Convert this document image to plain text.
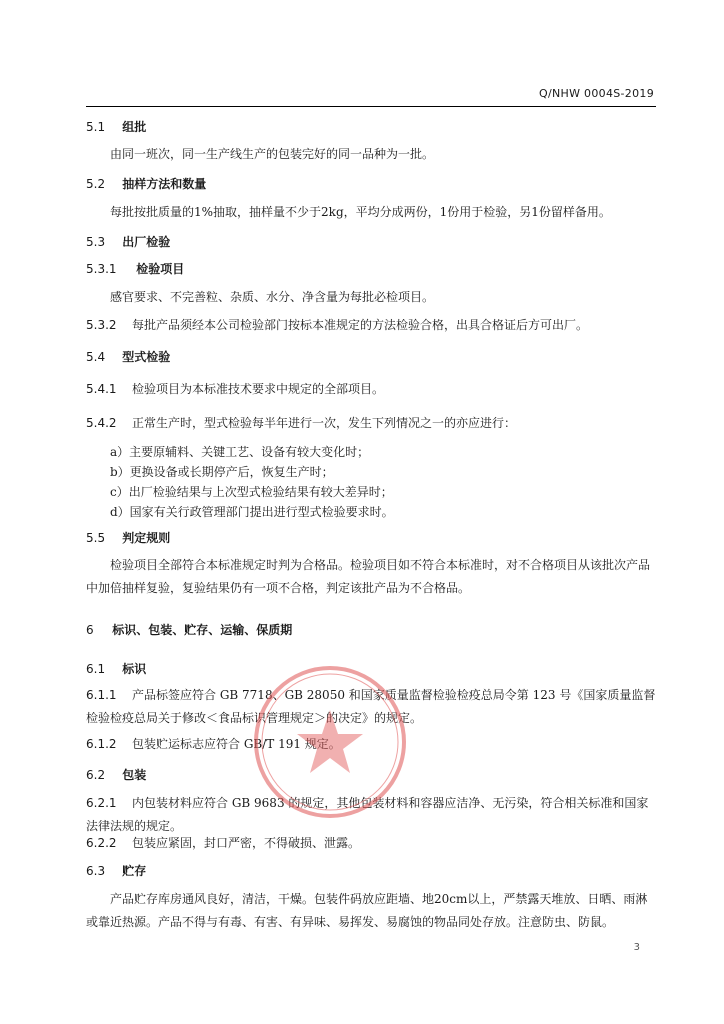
Q/NHW 0004S-2019
5.1 组批

由同一班次，同一生产线生产的包装完好的同一品种为一批。

5.2 抽样方法和数量

每批按批质量的1%抽取，抽样量不少于2kg，平均分成两份，1份用于检验，另1份留样备用。

5.3 出厂检验
5.3.1 检验项目

感官要求、不完善粒、杂质、水分、净含量为每批必检项目。

5.3.2 每批产品须经本公司检验部门按标本准规定的方法检验合格，出具合格证后方可出厂。

5.4 型式检验

5.4.1 检验项目为本标准技术要求中规定的全部项目。

5.4.2 正常生产时，型式检验每半年进行一次，发生下列情况之一的亦应进行：

a）主要原辅料、关键工艺、设备有较大变化时；
b）更换设备或长期停产后，恢复生产时；
c）出厂检验结果与上次型式检验结果有较大差异时；
d）国家有关行政管理部门提出进行型式检验要求时。
5.5 判定规则

检验项目全部符合本标准规定时判为合格品。检验项目如不符合本标准时，对不合格项目从该批次产品中加倍抽样复验，复验结果仍有一项不合格，判定该批产品为不合格品。

6 标识、包装、贮存、运输、保质期
6.1 标识

6.1.1 产品标签应符合 GB 7718、GB 28050 和国家质量监督检验检疫总局令第 123 号《国家质量监督检验检疫总局关于修改＜食品标识管理规定＞的决定》的规定。

6.1.2 包装贮运标志应符合 GB/T 191 规定。

6.2 包装

6.2.1 内包装材料应符合 GB 9683 的规定，其他包装材料和容器应洁净、无污染，符合相关标准和国家法律法规的规定。

6.2.2 包装应紧固，封口严密，不得破损、泄露。

6.3 贮存

产品贮存库房通风良好，清洁，干燥。包装件码放应距墙、地20cm以上，严禁露天堆放、日晒、雨淋或靠近热源。产品不得与有毒、有害、有异味、易挥发、易腐蚀的物品同处存放。注意防虫、防鼠。

3
